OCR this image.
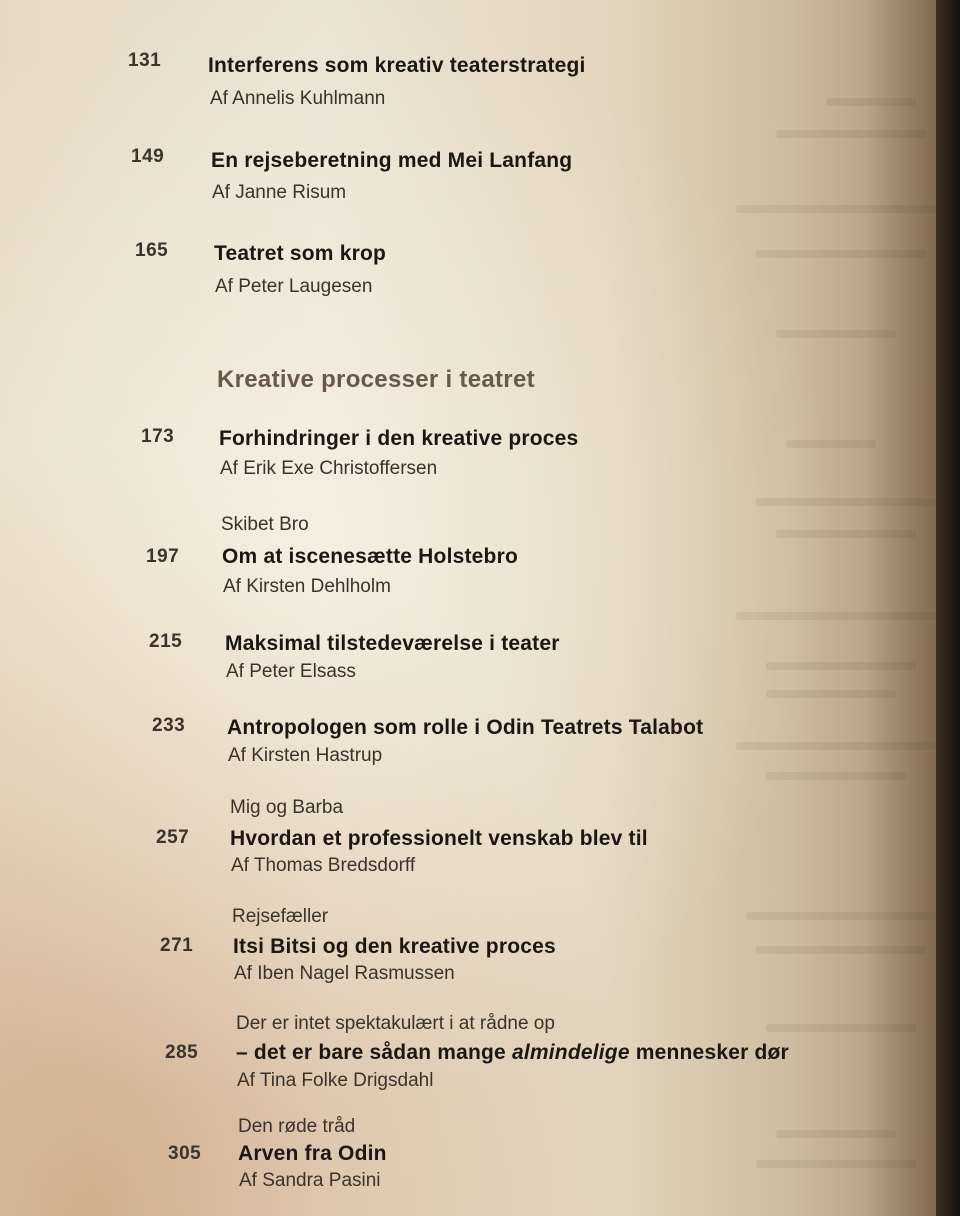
131 Interferens som kreativ teaterstrategi
Af Annelis Kuhlmann
149 En rejseberetning med Mei Lanfang
Af Janne Risum
165 Teatret som krop
Af Peter Laugesen
Kreative processer i teatret
173 Forhindringer i den kreative proces
Af Erik Exe Christoffersen
Skibet Bro
197 Om at iscenesætte Holstebro
Af Kirsten Dehlholm
215 Maksimal tilstedeværelse i teater
Af Peter Elsass
233 Antropologen som rolle i Odin Teatrets Talabot
Af Kirsten Hastrup
Mig og Barba
257 Hvordan et professionelt venskab blev til
Af Thomas Bredsdorff
Rejsefæller
271 Itsi Bitsi og den kreative proces
Af Iben Nagel Rasmussen
Der er intet spektakulært i at rådne op
285 – det er bare sådan mange almindelige mennesker dør
Af Tina Folke Drigsdahl
Den røde tråd
305 Arven fra Odin
Af Sandra Pasini
